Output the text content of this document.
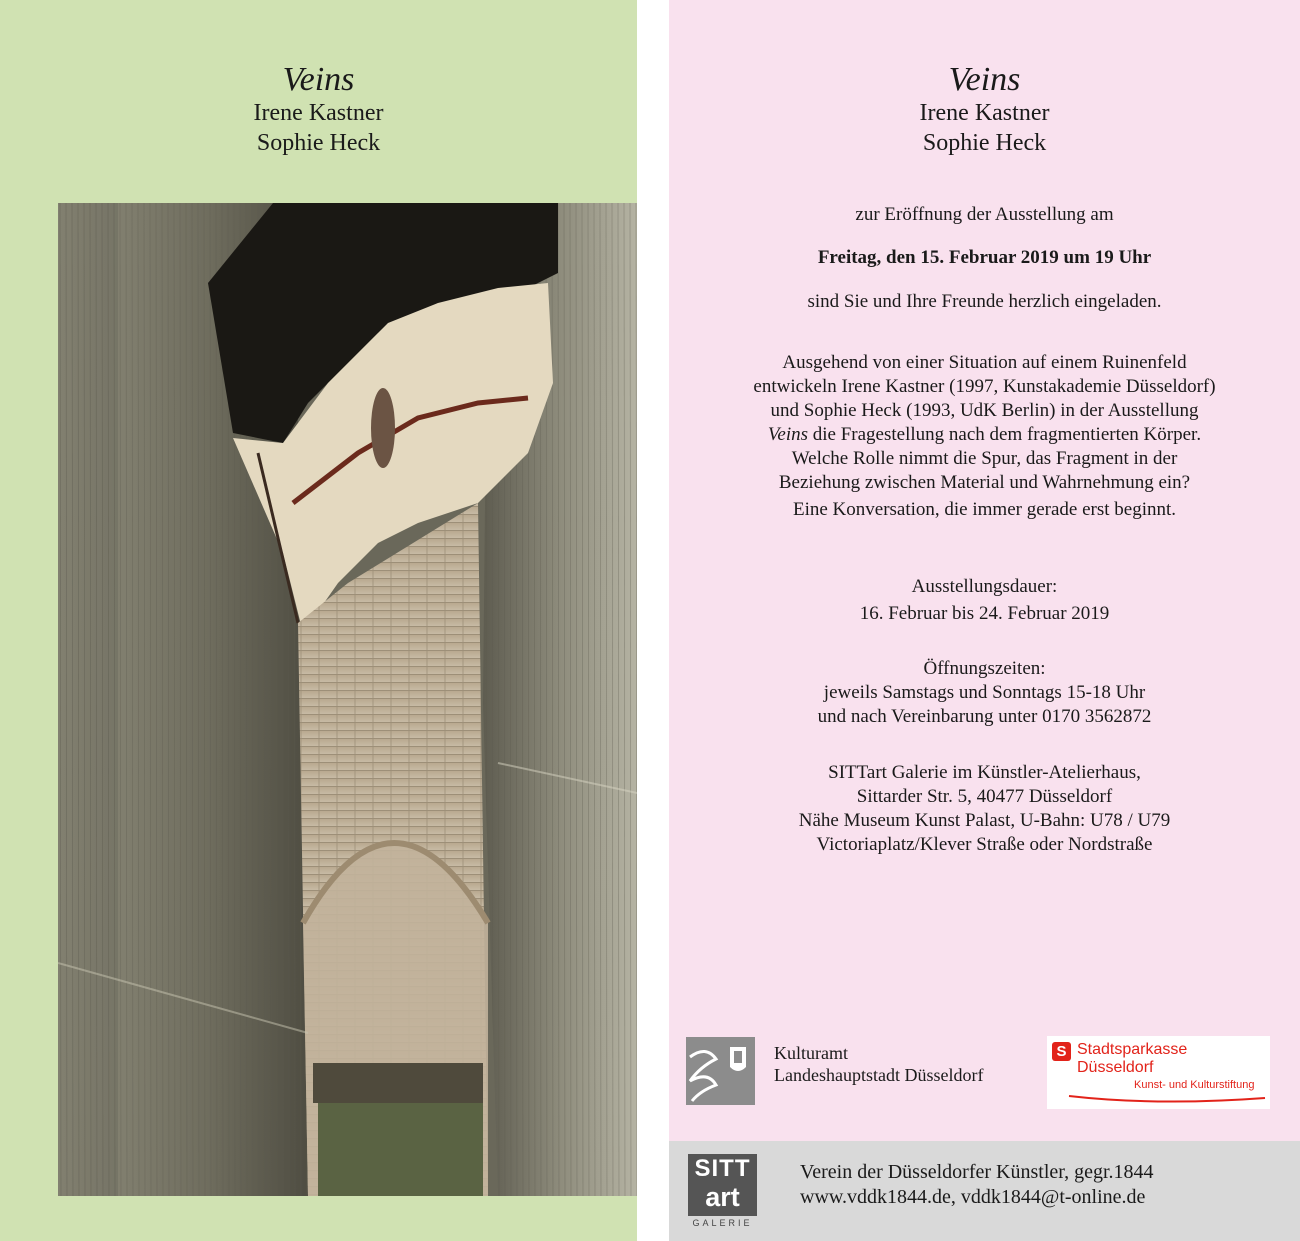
Veins
Irene Kastner
Sophie Heck
Veins
Irene Kastner
Sophie Heck
zur Eröffnung der Ausstellung am
Freitag, den 15. Februar 2019 um 19 Uhr
sind Sie und Ihre Freunde herzlich eingeladen.
Ausgehend von einer Situation auf einem Ruinenfeld
entwickeln Irene Kastner (1997, Kunstakademie Düsseldorf)
und Sophie Heck (1993, UdK Berlin) in der Ausstellung
Veins die Fragestellung nach dem fragmentierten Körper.
Welche Rolle nimmt die Spur, das Fragment in der
Beziehung zwischen Material und Wahrnehmung ein?
Eine Konversation, die immer gerade erst beginnt.
Ausstellungsdauer:
16. Februar bis 24. Februar 2019
Öffnungszeiten:
jeweils Samstags und Sonntags 15-18 Uhr
und nach Vereinbarung unter 0170 3562872
SITTart Galerie im Künstler-Atelierhaus,
Sittarder Str. 5, 40477 Düsseldorf
Nähe Museum Kunst Palast, U-Bahn: U78 / U79
Victoriaplatz/Klever Straße oder Nordstraße
Kulturamt
Landeshauptstadt Düsseldorf
S Stadtsparkasse
Düsseldorf
Kunst- und Kulturstiftung
SITT
art
GALERIE
Verein der Düsseldorfer Künstler, gegr.1844
www.vddk1844.de, vddk1844@t-online.de
